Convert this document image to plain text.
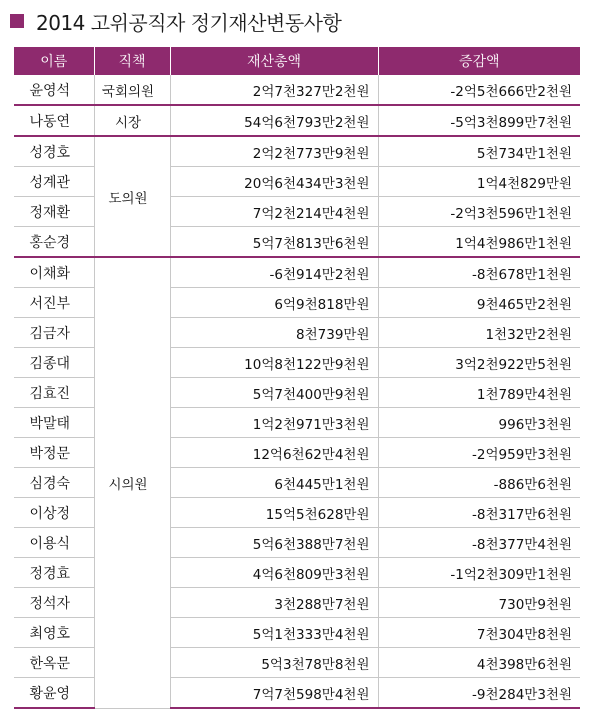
2014 고위공직자 정기재산변동사항
이름	직책	재산총액	증감액
윤영석	국회의원	2억7천327만2천원	-2억5천666만2천원
나동연	시장	54억6천793만2천원	-5억3천899만7천원
성경호	도의원	2억2천773만9천원	5천734만1천원
성계관		20억6천434만3천원	1억4천829만원
정재환		7억2천214만4천원	-2억3천596만1천원
홍순경		5억7천813만6천원	1억4천986만1천원
이채화	시의원	-6천914만2천원	-8천678만1천원
서진부		6억9천818만원	9천465만2천원
김금자		8천739만원	1천32만2천원
김종대		10억8천122만9천원	3억2천922만5천원
김효진		5억7천400만9천원	1천789만4천원
박말태		1억2천971만3천원	996만3천원
박정문		12억6천62만4천원	-2억959만3천원
심경숙		6천445만1천원	-886만6천원
이상정		15억5천628만원	-8천317만6천원
이용식		5억6천388만7천원	-8천377만4천원
정경효		4억6천809만3천원	-1억2천309만1천원
정석자		3천288만7천원	730만9천원
최영호		5억1천333만4천원	7천304만8천원
한옥문		5억3천78만8천원	4천398만6천원
황윤영		7억7천598만4천원	-9천284만3천원
